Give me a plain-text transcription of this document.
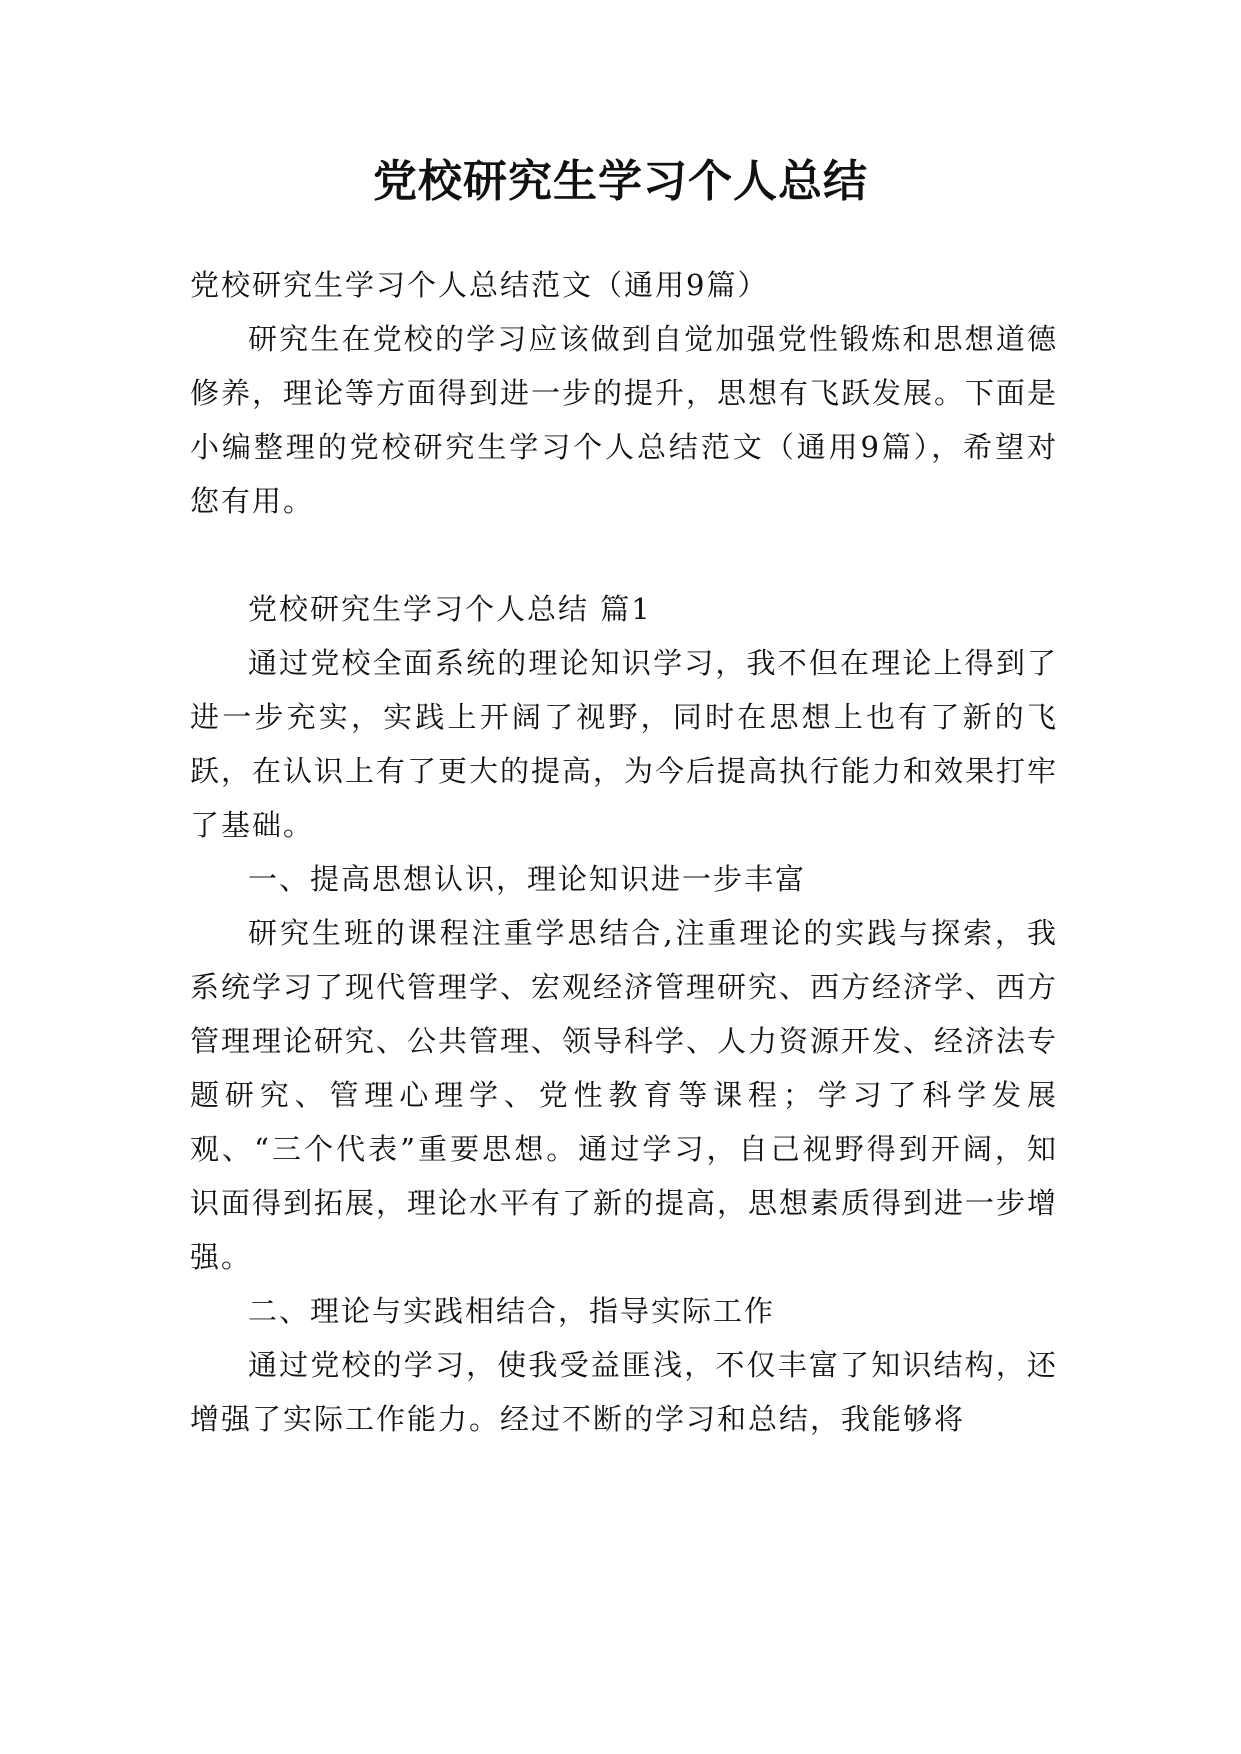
党校研究生学习个人总结

党校研究生学习个人总结范文（通用9篇）

研究生在党校的学习应该做到自觉加强党性锻炼和思想道德修养，理论等方面得到进一步的提升，思想有飞跃发展。下面是小编整理的党校研究生学习个人总结范文（通用9篇），希望对您有用。

党校研究生学习个人总结 篇1

通过党校全面系统的理论知识学习，我不但在理论上得到了进一步充实，实践上开阔了视野，同时在思想上也有了新的飞跃，在认识上有了更大的提高，为今后提高执行能力和效果打牢了基础。

一、提高思想认识，理论知识进一步丰富

研究生班的课程注重学思结合,注重理论的实践与探索，我系统学习了现代管理学、宏观经济管理研究、西方经济学、西方管理理论研究、公共管理、领导科学、人力资源开发、经济法专题研究、管理心理学、党性教育等课程；学习了科学发展观、“三个代表”重要思想。通过学习，自己视野得到开阔，知识面得到拓展，理论水平有了新的提高，思想素质得到进一步增强。

二、理论与实践相结合，指导实际工作

通过党校的学习，使我受益匪浅，不仅丰富了知识结构，还增强了实际工作能力。经过不断的学习和总结，我能够将
